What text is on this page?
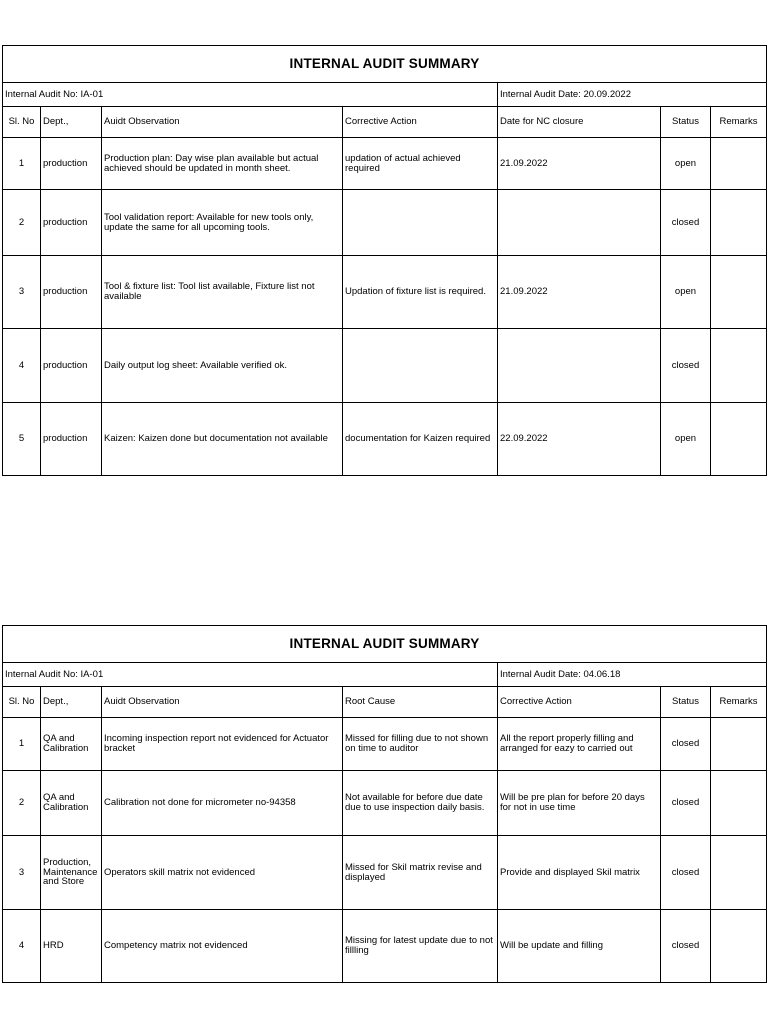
INTERNAL AUDIT SUMMARY						
Internal Audit No: IA-01				Internal Audit Date: 20.09.2022		
Sl. No	Dept.,	Auidt Observation	Corrective Action	Date for NC closure	Status	Remarks
1	production	Production plan: Day wise plan available but actual achieved should be updated in month sheet.	updation of actual achieved required	21.09.2022	open	
2	production	Tool validation report: Available for new tools only, update the same for all upcoming tools.			closed	
3	production	Tool & fixture list: Tool list available, Fixture list not available	Updation of fixture list is required.	21.09.2022	open	
4	production	Daily output log sheet: Available verified ok.			closed	
5	production	Kaizen: Kaizen done but documentation not available	documentation for Kaizen required	22.09.2022	open	
INTERNAL AUDIT SUMMARY						
Internal Audit No: IA-01				Internal Audit Date: 04.06.18		
Sl. No	Dept.,	Auidt Observation	Root Cause	Corrective Action	Status	Remarks
1	QA and Calibration	Incoming inspection report not evidenced for Actuator bracket	Missed for filling due to not shown on time to auditor	All the report properly filling and arranged for eazy to carried out	closed	
2	QA and Calibration	Calibration not done for micrometer no-94358	Not available for before due date due to use inspection daily basis.	Will be pre plan for before 20 days for not in use time	closed	
3	Production, Maintenance and Store	Operators skill matrix not evidenced	Missed for Skil matrix revise and displayed	Provide and displayed Skil matrix	closed	
4	HRD	Competency matrix not evidenced	Missing for latest update due to not fillling	Will be update and filling	closed	
